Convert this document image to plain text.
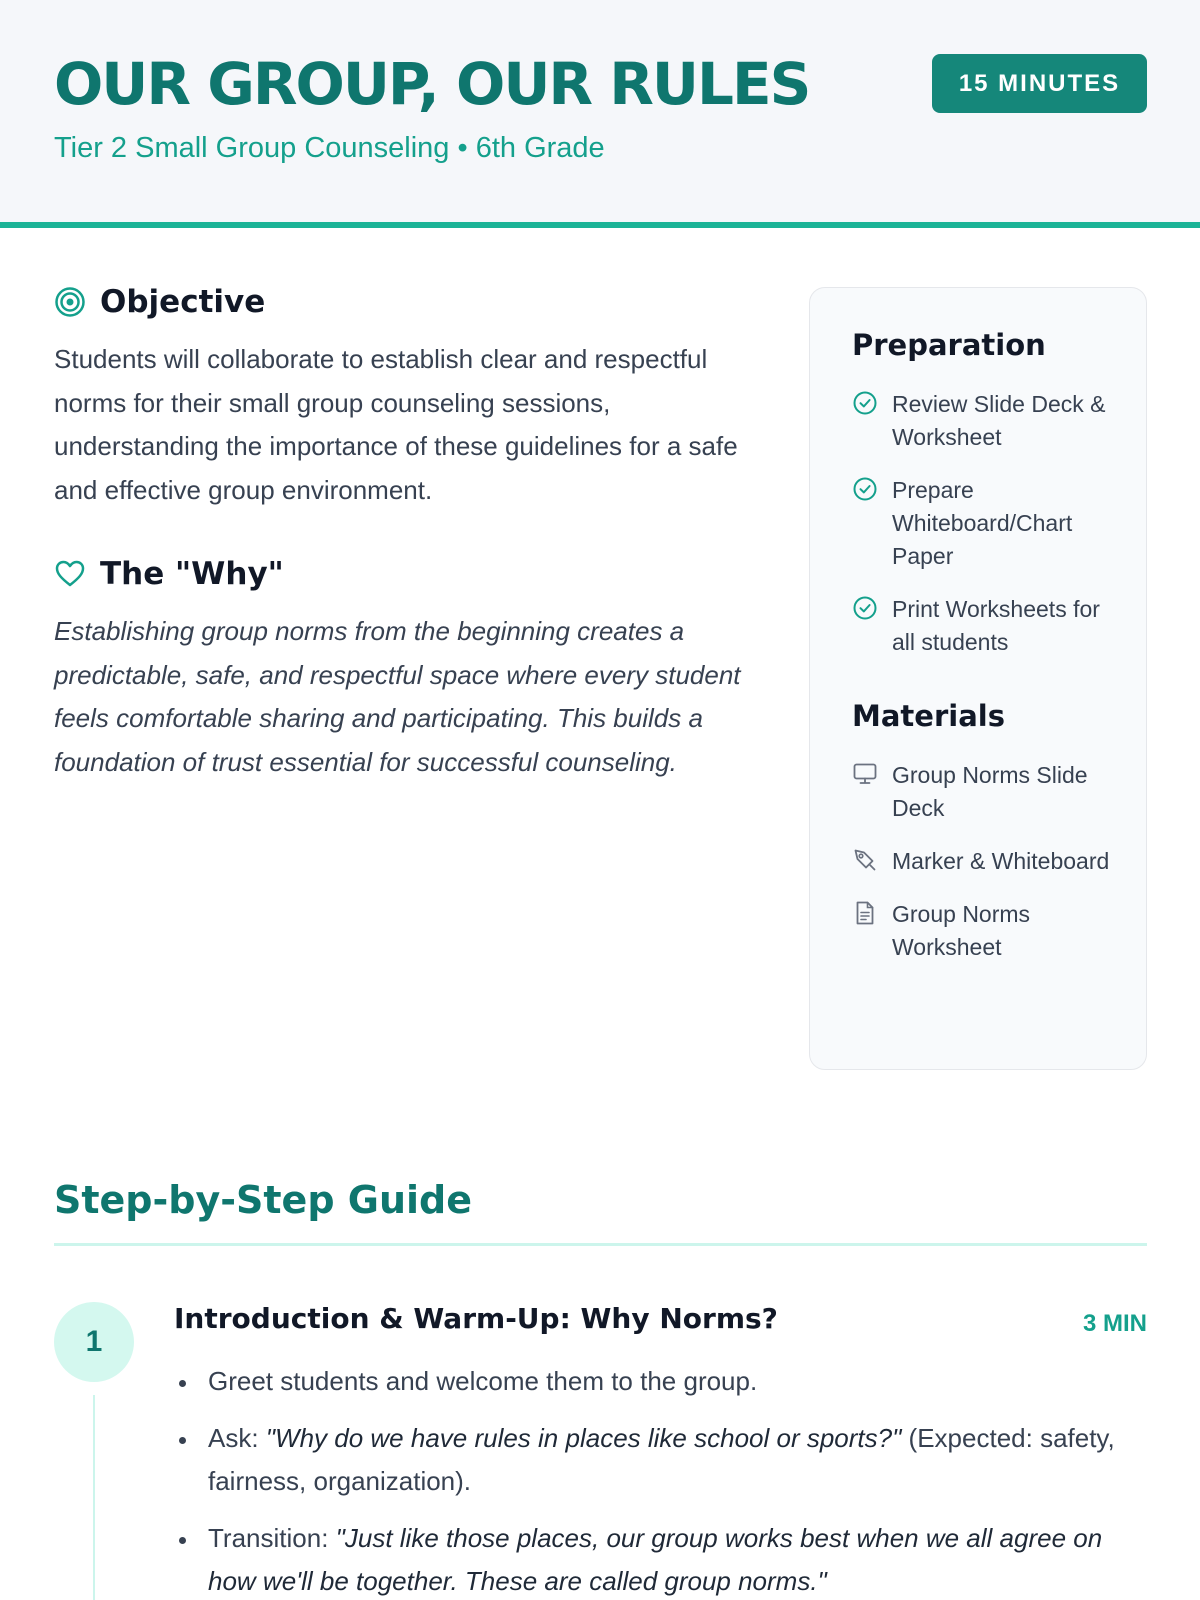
OUR GROUP, OUR RULES
Tier 2 Small Group Counseling • 6th Grade
15 MINUTES
Objective

Students will collaborate to establish clear and respectful norms for their small group counseling sessions, understanding the importance of these guidelines for a safe and effective group environment.

The "Why"

Establishing group norms from the beginning creates a predictable, safe, and respectful space where every student feels comfortable sharing and participating. This builds a foundation of trust essential for successful counseling.

Preparation
Review Slide Deck & Worksheet
Prepare Whiteboard/Chart Paper
Print Worksheets for all students
Materials
Group Norms Slide Deck
Marker & Whiteboard
Group Norms Worksheet
Step-by-Step Guide
1
Introduction & Warm-Up: Why Norms?	3 MIN
Greet students and welcome them to the group.
Ask: "Why do we have rules in places like school or sports?" (Expected: safety, fairness, organization).
Transition: "Just like those places, our group works best when we all agree on how we'll be together. These are called group norms."
